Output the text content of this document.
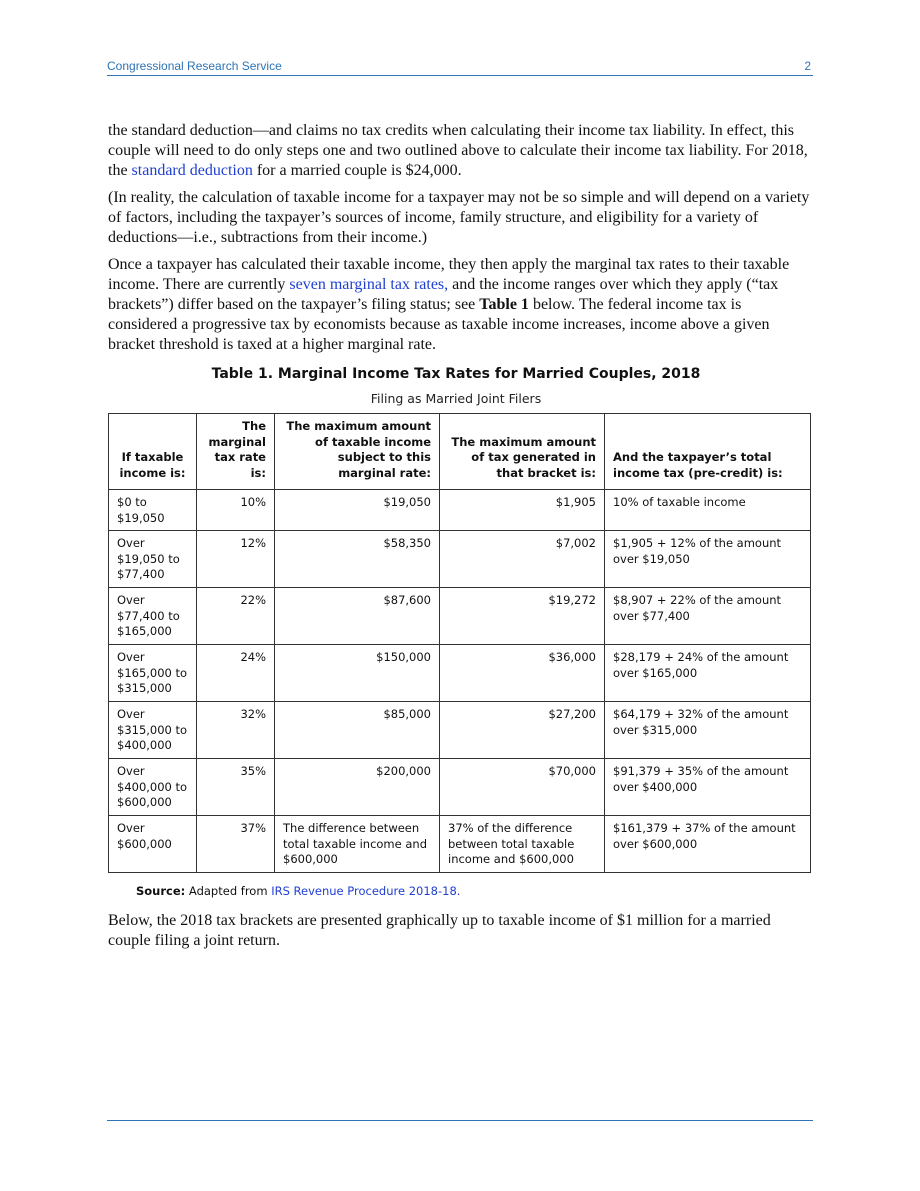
Congressional Research Service	2

the standard deduction—and claims no tax credits when calculating their income tax liability. In effect, this couple will need to do only steps one and two outlined above to calculate their income tax liability. For 2018, the standard deduction for a married couple is $24,000.

(In reality, the calculation of taxable income for a taxpayer may not be so simple and will depend on a variety of factors, including the taxpayer’s sources of income, family structure, and eligibility for a variety of deductions—i.e., subtractions from their income.)

Once a taxpayer has calculated their taxable income, they then apply the marginal tax rates to their taxable income. There are currently seven marginal tax rates, and the income ranges over which they apply (“tax brackets”) differ based on the taxpayer’s filing status; see Table 1 below. The federal income tax is considered a progressive tax by economists because as taxable income increases, income above a given bracket threshold is taxed at a higher marginal rate.

Table 1. Marginal Income Tax Rates for Married Couples, 2018
Filing as Married Joint Filers
If taxable income is:	The marginal tax rate is:	The maximum amount of taxable income subject to this marginal rate:	The maximum amount of tax generated in that bracket is:	And the taxpayer’s total income tax (pre-credit) is:
$0 to $19,050	10%	$19,050	$1,905	10% of taxable income
Over $19,050 to $77,400	12%	$58,350	$7,002	$1,905 + 12% of the amount over $19,050
Over $77,400 to $165,000	22%	$87,600	$19,272	$8,907 + 22% of the amount over $77,400
Over $165,000 to $315,000	24%	$150,000	$36,000	$28,179 + 24% of the amount over $165,000
Over $315,000 to $400,000	32%	$85,000	$27,200	$64,179 + 32% of the amount over $315,000
Over $400,000 to $600,000	35%	$200,000	$70,000	$91,379 + 35% of the amount over $400,000
Over $600,000	37%	The difference between total taxable income and $600,000	37% of the difference between total taxable income and $600,000	$161,379 + 37% of the amount over $600,000
Source: Adapted from IRS Revenue Procedure 2018-18.
Below, the 2018 tax brackets are presented graphically up to taxable income of $1 million for a married couple filing a joint return.
